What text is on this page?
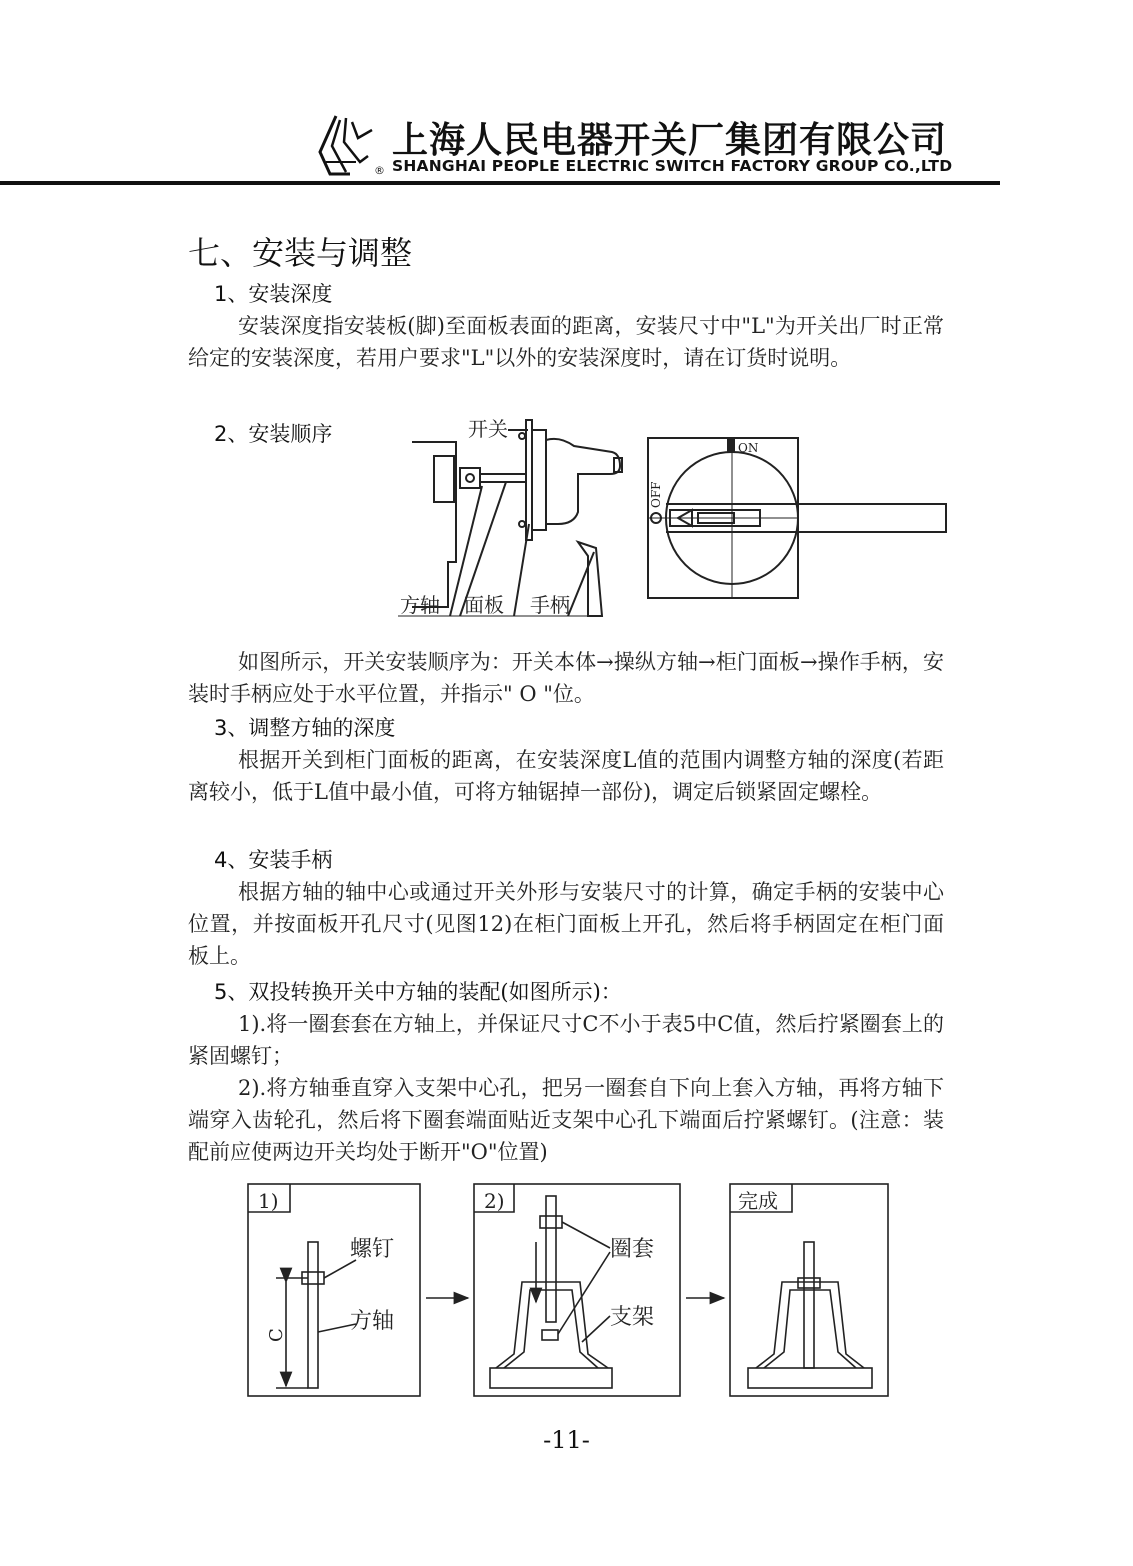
®
上海人民电器开关厂集团有限公司
SHANGHAI PEOPLE ELECTRIC SWITCH FACTORY GROUP CO.,LTD
七、安装与调整
1、安装深度
安装深度指安装板(脚)至面板表面的距离，安装尺寸中"L"为开关出厂时正常给定的安装深度，若用户要求"L"以外的安装深度时，请在订货时说明。
2、安装顺序	开关
方轴 面板 手柄
ON
OFF
如图所示，开关安装顺序为：开关本体→操纵方轴→柜门面板→操作手柄，安装时手柄应处于水平位置，并指示" O "位。
3、调整方轴的深度
根据开关到柜门面板的距离，在安装深度L值的范围内调整方轴的深度(若距离较小，低于L值中最小值，可将方轴锯掉一部份)，调定后锁紧固定螺栓。
4、安装手柄
根据方轴的轴中心或通过开关外形与安装尺寸的计算，确定手柄的安装中心位置，并按面板开孔尺寸(见图12)在柜门面板上开孔，然后将手柄固定在柜门面板上。
5、双投转换开关中方轴的装配(如图所示)：
1).将一圈套套在方轴上，并保证尺寸C不小于表5中C值，然后拧紧圈套上的紧固螺钉；
2).将方轴垂直穿入支架中心孔，把另一圈套自下向上套入方轴，再将方轴下端穿入齿轮孔，然后将下圈套端面贴近支架中心孔下端面后拧紧螺钉。(注意：装配前应使两边开关均处于断开"O"位置)
1)
螺钉
方轴
C
2)
圈套
支架
完成
-11-
